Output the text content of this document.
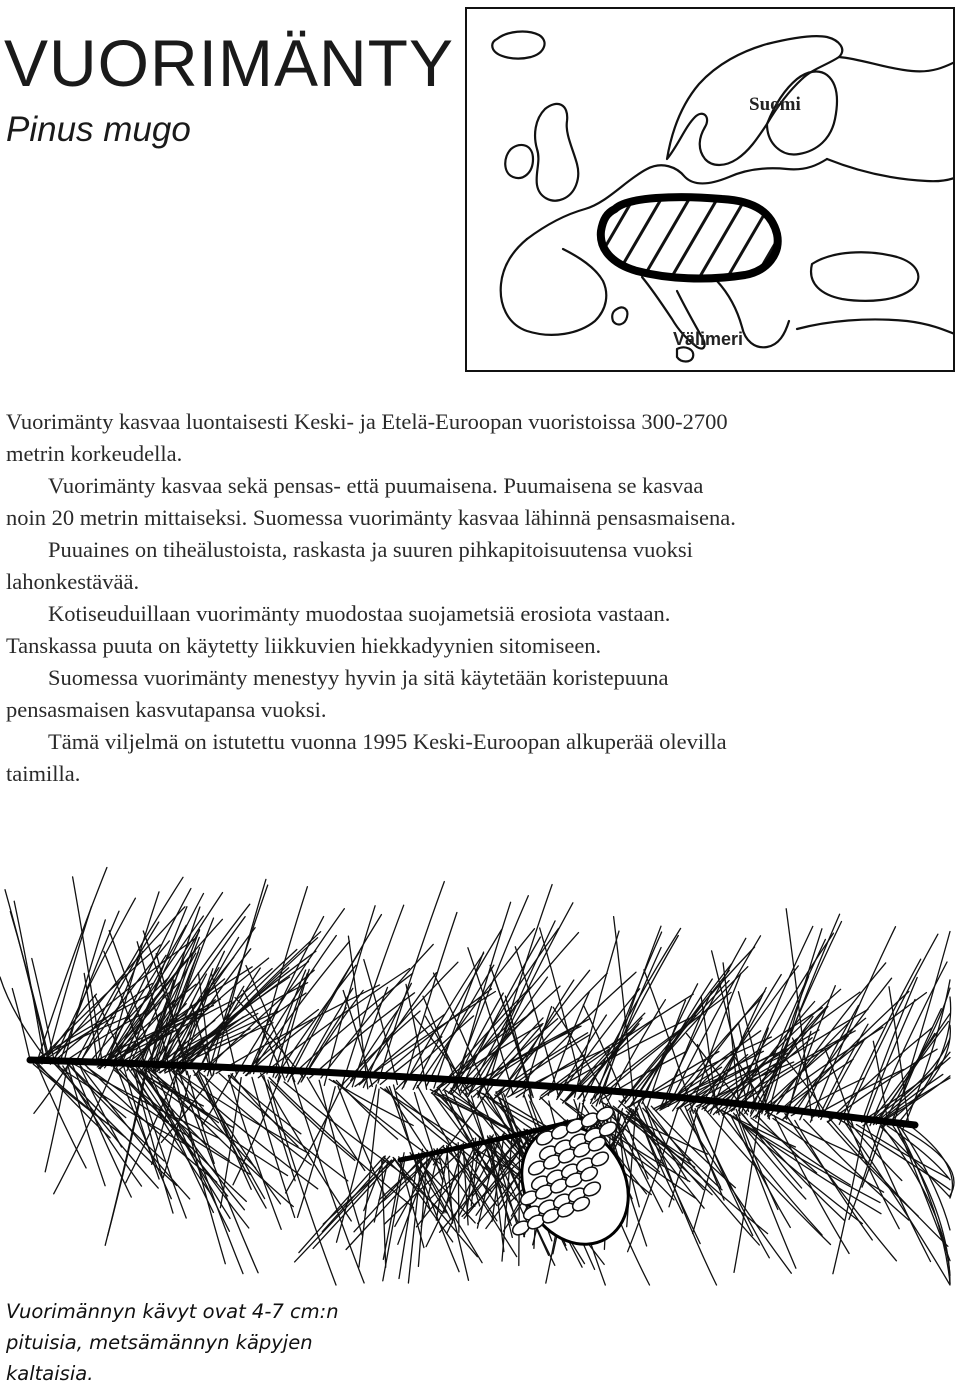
VUORIMÄNTY
Pinus mugo
Suomi
Välimeri

Vuorimänty kasvaa luontaisesti Keski- ja Etelä-Euroopan vuoristoissa 300-2700 metrin korkeudella.

Vuorimänty kasvaa sekä pensas- että puumaisena. Puumaisena se kasvaa noin 20 metrin mittaiseksi. Suomessa vuorimänty kasvaa lähinnä pensasmaisena.

Puuaines on tiheälustoista, raskasta ja suuren pihkapitoisuutensa vuoksi lahonkestävää.

Kotiseuduillaan vuorimänty muodostaa suojametsiä erosiota vastaan. Tanskassa puuta on käytetty liikkuvien hiekkadyynien sitomiseen.

Suomessa vuorimänty menestyy hyvin ja sitä käytetään koristepuuna pensasmaisen kasvutapansa vuoksi.

Tämä viljelmä on istutettu vuonna 1995 Keski-Euroopan alkuperää olevilla taimilla.

Vuorimännyn kävyt ovat 4-7 cm:n pituisia, metsämännyn käpyjen kaltaisia.
